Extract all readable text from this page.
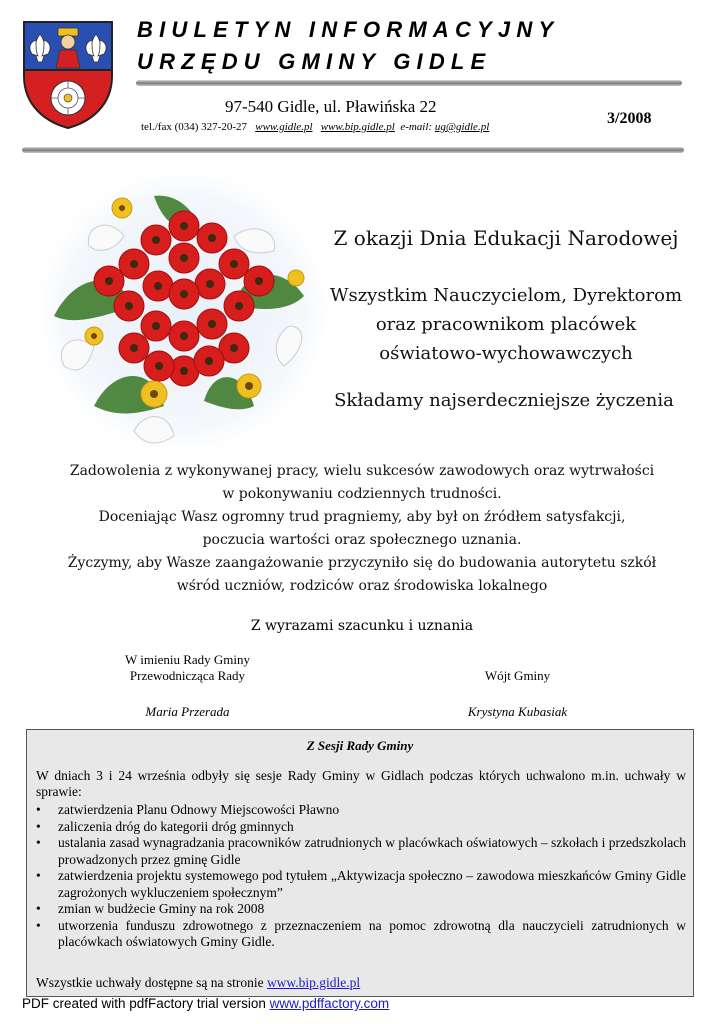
BIULETYN INFORMACYJNY
URZĘDU GMINY GIDLE
97-540 Gidle, ul. Pławińska 22
tel./fax (034) 327-20-27 www.gidle.pl www.bip.gidle.pl e-mail: ug@gidle.pl	3/2008
Z okazji Dnia Edukacji Narodowej
Wszystkim Nauczycielom, Dyrektorom
oraz pracownikom placówek
oświatowo-wychowawczych
Składamy najserdeczniejsze życzenia
Zadowolenia z wykonywanej pracy, wielu sukcesów zawodowych oraz wytrwałości
w pokonywaniu codziennych trudności.
Doceniając Wasz ogromny trud pragniemy, aby był on źródłem satysfakcji,
poczucia wartości oraz społecznego uznania.
Życzymy, aby Wasze zaangażowanie przyczyniło się do budowania autorytetu szkół
wśród uczniów, rodziców oraz środowiska lokalnego
Z wyrazami szacunku i uznania
W imieniu Rady Gminy
Przewodnicząca Rady
Maria Przerada
Wójt Gminy
Krystyna Kubasiak
Z Sesji Rady Gminy
W dniach 3 i 24 września odbyły się sesje Rady Gminy w Gidlach podczas których uchwalono m.in. uchwały w sprawie:
• zatwierdzenia Planu Odnowy Miejscowości Pławno
• zaliczenia dróg do kategorii dróg gminnych
• ustalania zasad wynagradzania pracowników zatrudnionych w placówkach oświatowych – szkołach i przedszkolach prowadzonych przez gminę Gidle
• zatwierdzenia projektu systemowego pod tytułem „Aktywizacja społeczno – zawodowa mieszkańców Gminy Gidle zagrożonych wykluczeniem społecznym”
• zmian w budżecie Gminy na rok 2008
• utworzenia funduszu zdrowotnego z przeznaczeniem na pomoc zdrowotną dla nauczycieli zatrudnionych w placówkach oświatowych Gminy Gidle.
Wszystkie uchwały dostępne są na stronie www.bip.gidle.pl
PDF created with pdfFactory trial version www.pdffactory.com
